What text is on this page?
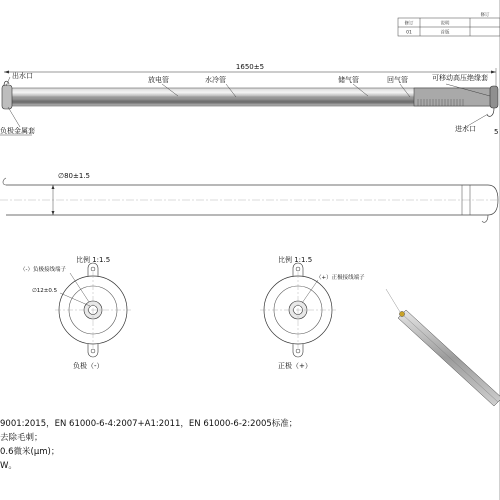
修订	说明
修订
01	首版
1650±5
出水口	放电管	水冷管	储气管	回气管	可移动高压绝缘套
进水口
负极金属套	5
∅80±1.5
比例 1:1.5
（-）负极接线端子
∅12±0.5
负极（-）
比例 1:1.5
（+）正极接线端子
正极（+）
9001:2015，EN 61000-6-4:2007+A1:2011，EN 61000-6-2:2005标准；
去除毛刺；
0.6微米(μm)；
W。
